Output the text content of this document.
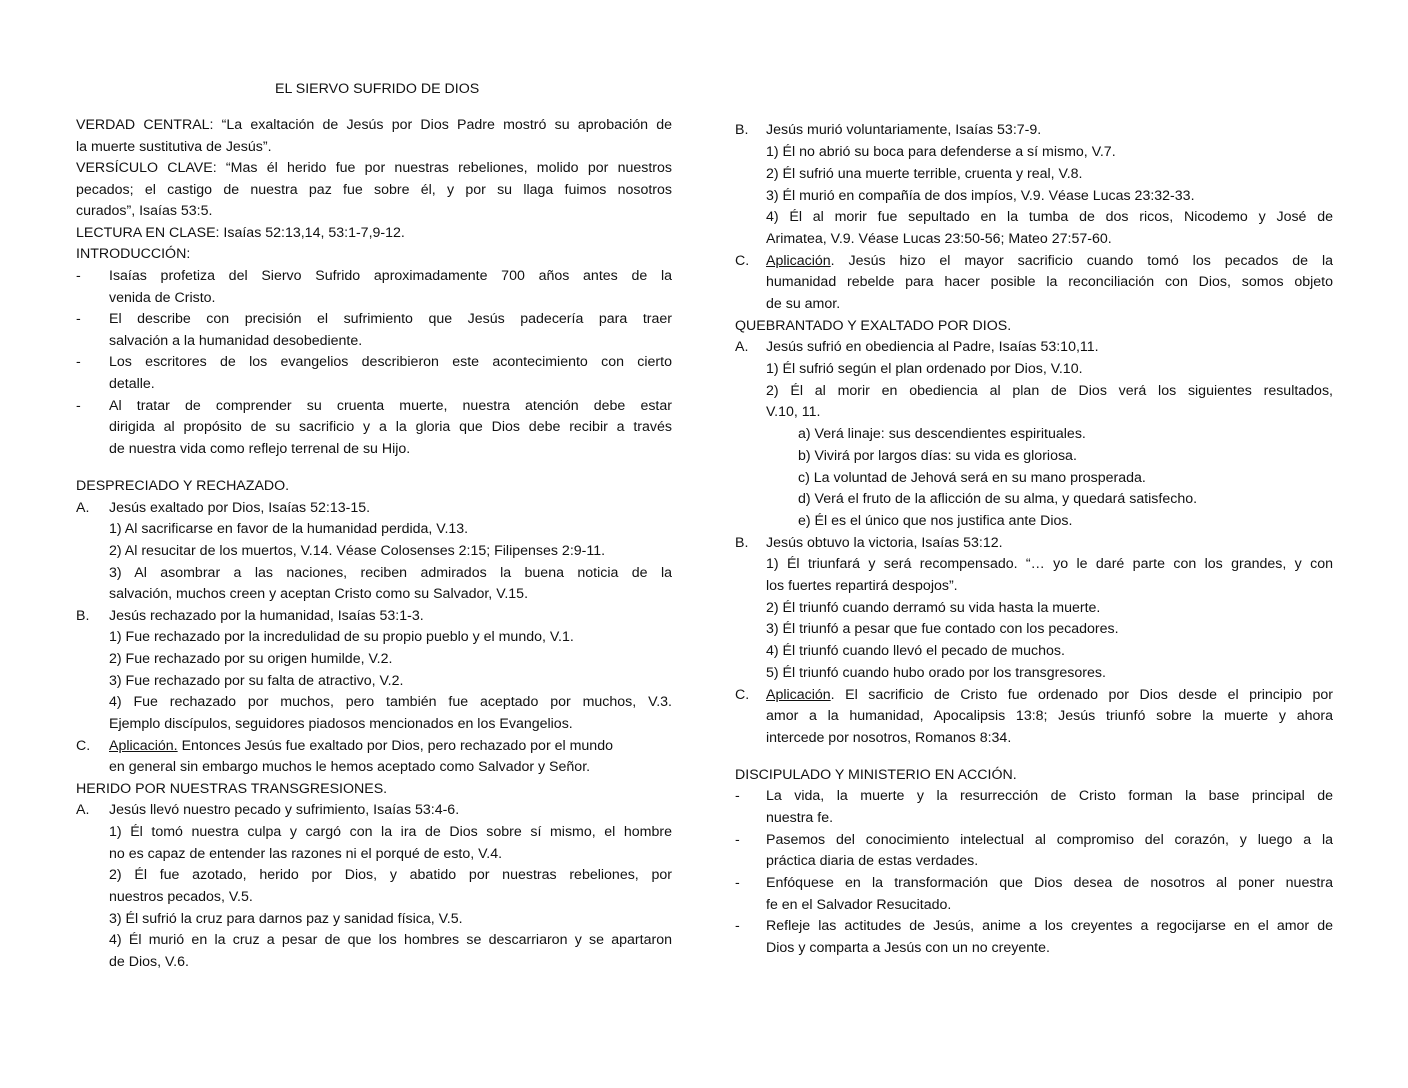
EL SIERVO SUFRIDO DE DIOS
VERDAD CENTRAL: “La exaltación de Jesús por Dios Padre mostró su aprobación de
la muerte sustitutiva de Jesús”.
VERSÍCULO CLAVE: “Mas él herido fue por nuestras rebeliones, molido por nuestros
pecados; el castigo de nuestra paz fue sobre él, y por su llaga fuimos nosotros
curados”, Isaías 53:5.
LECTURA EN CLASE: Isaías 52:13,14, 53:1-7,9-12.
INTRODUCCIÓN:
- Isaías profetiza del Siervo Sufrido aproximadamente 700 años antes de la
venida de Cristo.
- El describe con precisión el sufrimiento que Jesús padecería para traer
salvación a la humanidad desobediente.
- Los escritores de los evangelios describieron este acontecimiento con cierto
detalle.
- Al tratar de comprender su cruenta muerte, nuestra atención debe estar
dirigida al propósito de su sacrificio y a la gloria que Dios debe recibir a través
de nuestra vida como reflejo terrenal de su Hijo.
DESPRECIADO Y RECHAZADO.
A. Jesús exaltado por Dios, Isaías 52:13-15.
1) Al sacrificarse en favor de la humanidad perdida, V.13.
2) Al resucitar de los muertos, V.14. Véase Colosenses 2:15; Filipenses 2:9-11.
3) Al asombrar a las naciones, reciben admirados la buena noticia de la
salvación, muchos creen y aceptan Cristo como su Salvador, V.15.
B. Jesús rechazado por la humanidad, Isaías 53:1-3.
1) Fue rechazado por la incredulidad de su propio pueblo y el mundo, V.1.
2) Fue rechazado por su origen humilde, V.2.
3) Fue rechazado por su falta de atractivo, V.2.
4) Fue rechazado por muchos, pero también fue aceptado por muchos, V.3.
Ejemplo discípulos, seguidores piadosos mencionados en los Evangelios.
C. Aplicación. Entonces Jesús fue exaltado por Dios, pero rechazado por el mundo
en general sin embargo muchos le hemos aceptado como Salvador y Señor.
HERIDO POR NUESTRAS TRANSGRESIONES.
A. Jesús llevó nuestro pecado y sufrimiento, Isaías 53:4-6.
1) Él tomó nuestra culpa y cargó con la ira de Dios sobre sí mismo, el hombre
no es capaz de entender las razones ni el porqué de esto, V.4.
2) Él fue azotado, herido por Dios, y abatido por nuestras rebeliones, por
nuestros pecados, V.5.
3) Él sufrió la cruz para darnos paz y sanidad física, V.5.
4) Él murió en la cruz a pesar de que los hombres se descarriaron y se apartaron
de Dios, V.6.
B. Jesús murió voluntariamente, Isaías 53:7-9.
1) Él no abrió su boca para defenderse a sí mismo, V.7.
2) Él sufrió una muerte terrible, cruenta y real, V.8.
3) Él murió en compañía de dos impíos, V.9. Véase Lucas 23:32-33.
4) Él al morir fue sepultado en la tumba de dos ricos, Nicodemo y José de
Arimatea, V.9. Véase Lucas 23:50-56; Mateo 27:57-60.
C. Aplicación. Jesús hizo el mayor sacrificio cuando tomó los pecados de la
humanidad rebelde para hacer posible la reconciliación con Dios, somos objeto
de su amor.
QUEBRANTADO Y EXALTADO POR DIOS.
A. Jesús sufrió en obediencia al Padre, Isaías 53:10,11.
1) Él sufrió según el plan ordenado por Dios, V.10.
2) Él al morir en obediencia al plan de Dios verá los siguientes resultados,
V.10, 11.
a) Verá linaje: sus descendientes espirituales.
b) Vivirá por largos días: su vida es gloriosa.
c) La voluntad de Jehová será en su mano prosperada.
d) Verá el fruto de la aflicción de su alma, y quedará satisfecho.
e) Él es el único que nos justifica ante Dios.
B. Jesús obtuvo la victoria, Isaías 53:12.
1) Él triunfará y será recompensado. “… yo le daré parte con los grandes, y con
los fuertes repartirá despojos”.
2) Él triunfó cuando derramó su vida hasta la muerte.
3) Él triunfó a pesar que fue contado con los pecadores.
4) Él triunfó cuando llevó el pecado de muchos.
5) Él triunfó cuando hubo orado por los transgresores.
C. Aplicación. El sacrificio de Cristo fue ordenado por Dios desde el principio por
amor a la humanidad, Apocalipsis 13:8; Jesús triunfó sobre la muerte y ahora
intercede por nosotros, Romanos 8:34.
DISCIPULADO Y MINISTERIO EN ACCIÓN.
- La vida, la muerte y la resurrección de Cristo forman la base principal de
nuestra fe.
- Pasemos del conocimiento intelectual al compromiso del corazón, y luego a la
práctica diaria de estas verdades.
- Enfóquese en la transformación que Dios desea de nosotros al poner nuestra
fe en el Salvador Resucitado.
- Refleje las actitudes de Jesús, anime a los creyentes a regocijarse en el amor de
Dios y comparta a Jesús con un no creyente.
